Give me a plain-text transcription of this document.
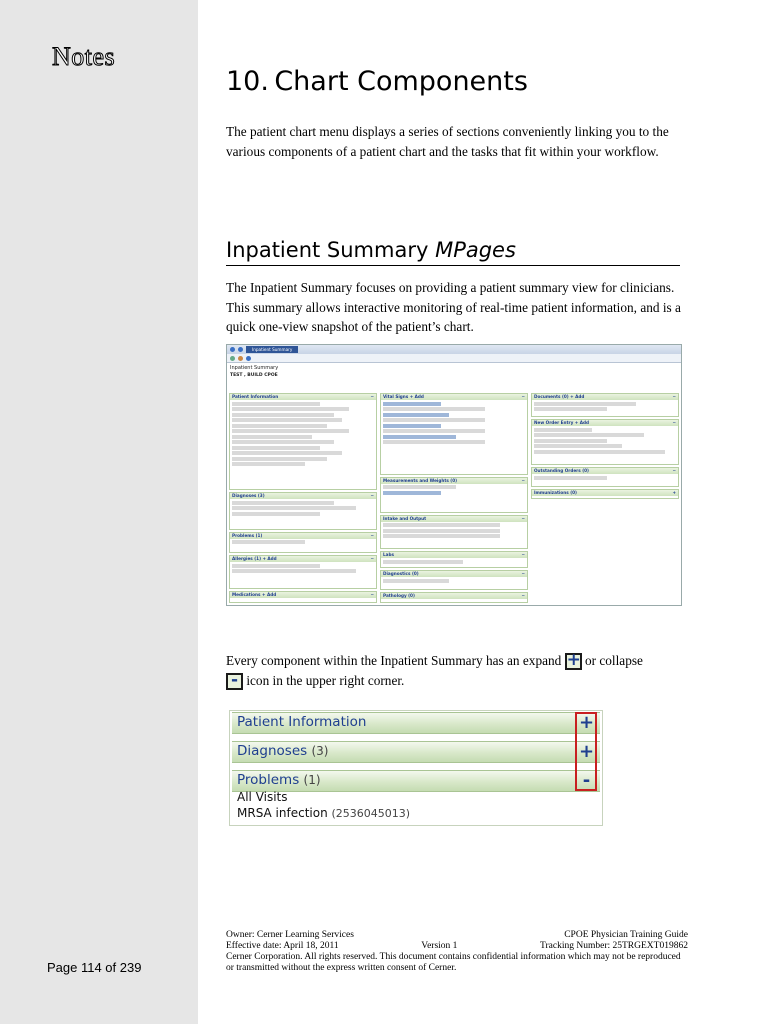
Notes
Page 114 of 239
10. Chart Components

The patient chart menu displays a series of sections conveniently linking you to the various components of a patient chart and the tasks that fit within your workflow.

Inpatient Summary MPages

The Inpatient Summary focuses on providing a patient summary view for clinicians. This summary allows interactive monitoring of real-time patient information, and is a quick one-view snapshot of the patient’s chart.

Inpatient Summary
Inpatient Summary
TEST , BUILD CPOE
Patient Information	−
Diagnoses (3)	−
Problems (1)	−
Allergies (1) + Add	−
Medications + Add	−
Vital Signs + Add	−
Measurements and Weights (0)	−
Intake and Output	−
Labs	−
Diagnostics (0)	−
Pathology (0)	−
Documents (0) + Add	−
New Order Entry + Add	−
Outstanding Orders (0)	−
Immunizations (0)	+

Every component within the Inpatient Summary has an expand + or collapse

- icon in the upper right corner.

Patient Information	+
Diagnoses (3)	+
Problems (1)	-
All Visits
MRSA infection (2536045013)
Owner: Cerner Learning Services	CPOE Physician Training Guide
Effective date: April 18, 2011	Version 1	Tracking Number: 25TRGEXT019862
Cerner Corporation. All rights reserved. This document contains confidential information which may not be reproduced or transmitted without the express written consent of Cerner.
